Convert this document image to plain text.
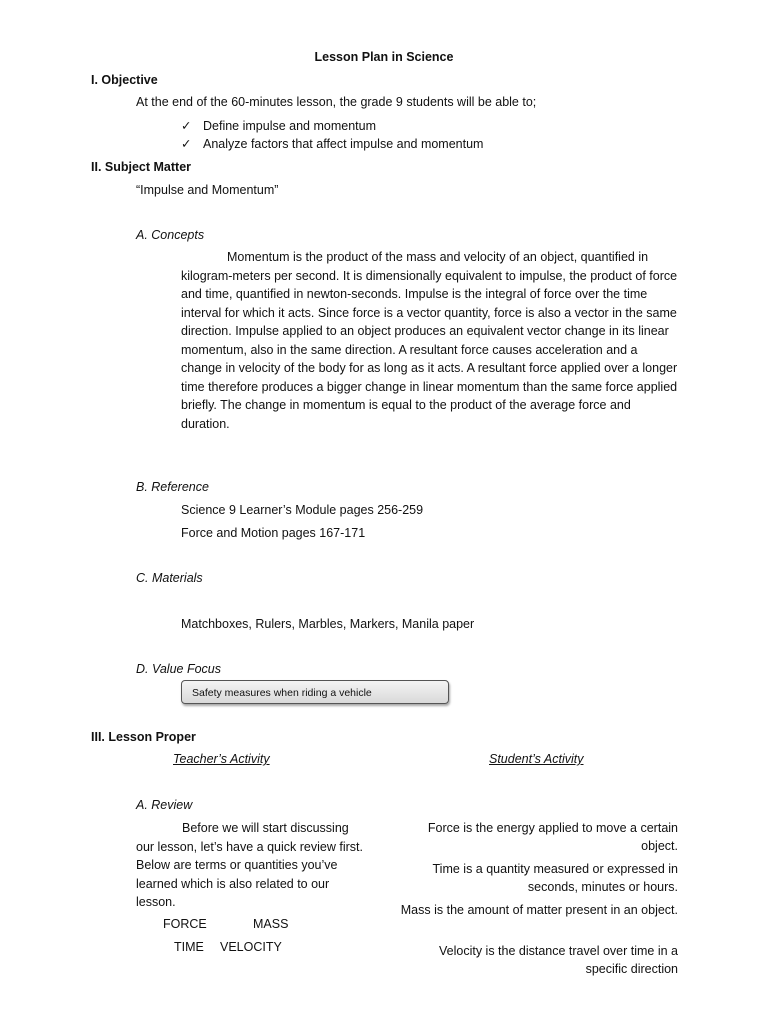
Lesson Plan in Science
I. Objective
At the end of the 60-minutes lesson, the grade 9 students will be able to;
✓ Define impulse and momentum
✓ Analyze factors that affect impulse and momentum
II. Subject Matter
“Impulse and Momentum”
A. Concepts
Momentum is the product of the mass and velocity of an object, quantified in kilogram-meters per second. It is dimensionally equivalent to impulse, the product of force and time, quantified in newton-seconds. Impulse is the integral of force over the time interval for which it acts. Since force is a vector quantity, force is also a vector in the same direction. Impulse applied to an object produces an equivalent vector change in its linear momentum, also in the same direction. A resultant force causes acceleration and a change in velocity of the body for as long as it acts. A resultant force applied over a longer time therefore produces a bigger change in linear momentum than the same force applied briefly. The change in momentum is equal to the product of the average force and duration.
B. Reference
Science 9 Learner’s Module pages 256-259
Force and Motion pages 167-171
C. Materials
Matchboxes, Rulers, Marbles, Markers, Manila paper
D. Value Focus
Safety measures when riding a vehicle
III. Lesson Proper
Teacher’s Activity	Student’s Activity
A. Review
Before we will start discussing our lesson, let’s have a quick review first. Below are terms or quantities you’ve learned which is also related to our lesson.
FORCE	MASS
TIME VELOCITY
Force is the energy applied to move a certain object.
Time is a quantity measured or expressed in seconds, minutes or hours.
Mass is the amount of matter present in an object.
Velocity is the distance travel over time in a specific direction
